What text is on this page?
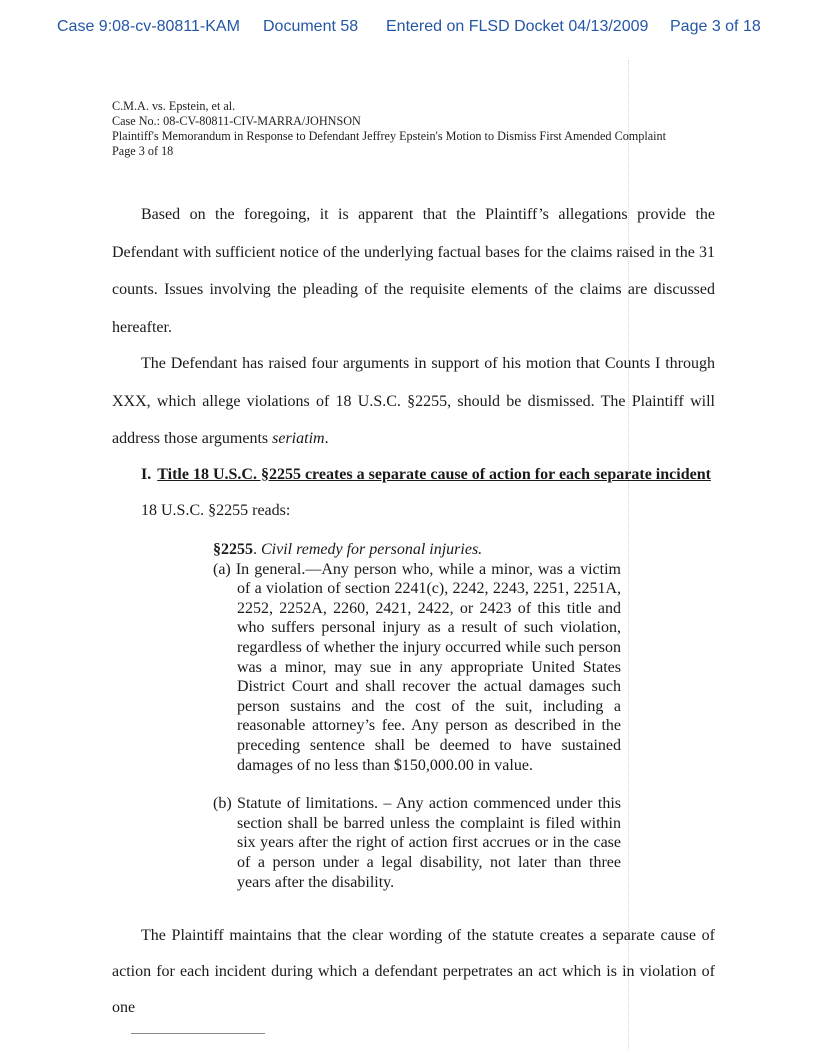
Case 9:08-cv-80811-KAM Document 58 Entered on FLSD Docket 04/13/2009 Page 3 of 18
C.M.A. vs. Epstein, et al.
Case No.: 08-CV-80811-CIV-MARRA/JOHNSON
Plaintiff's Memorandum in Response to Defendant Jeffrey Epstein's Motion to Dismiss First Amended Complaint
Page 3 of 18
Based on the foregoing, it is apparent that the Plaintiff’s allegations provide the Defendant with sufficient notice of the underlying factual bases for the claims raised in the 31 counts. Issues involving the pleading of the requisite elements of the claims are discussed hereafter.
The Defendant has raised four arguments in support of his motion that Counts I through XXX, which allege violations of 18 U.S.C. §2255, should be dismissed. The Plaintiff will address those arguments seriatim.
I. Title 18 U.S.C. §2255 creates a separate cause of action for each separate incident
18 U.S.C. §2255 reads:
§2255. Civil remedy for personal injuries.
(a) In general.—Any person who, while a minor, was a victim of a violation of section 2241(c), 2242, 2243, 2251, 2251A, 2252, 2252A, 2260, 2421, 2422, or 2423 of this title and who suffers personal injury as a result of such violation, regardless of whether the injury occurred while such person was a minor, may sue in any appropriate United States District Court and shall recover the actual damages such person sustains and the cost of the suit, including a reasonable attorney’s fee. Any person as described in the preceding sentence shall be deemed to have sustained damages of no less than $150,000.00 in value.
(b) Statute of limitations. – Any action commenced under this section shall be barred unless the complaint is filed within six years after the right of action first accrues or in the case of a person under a legal disability, not later than three years after the disability.
The Plaintiff maintains that the clear wording of the statute creates a separate cause of action for each incident during which a defendant perpetrates an act which is in violation of one
